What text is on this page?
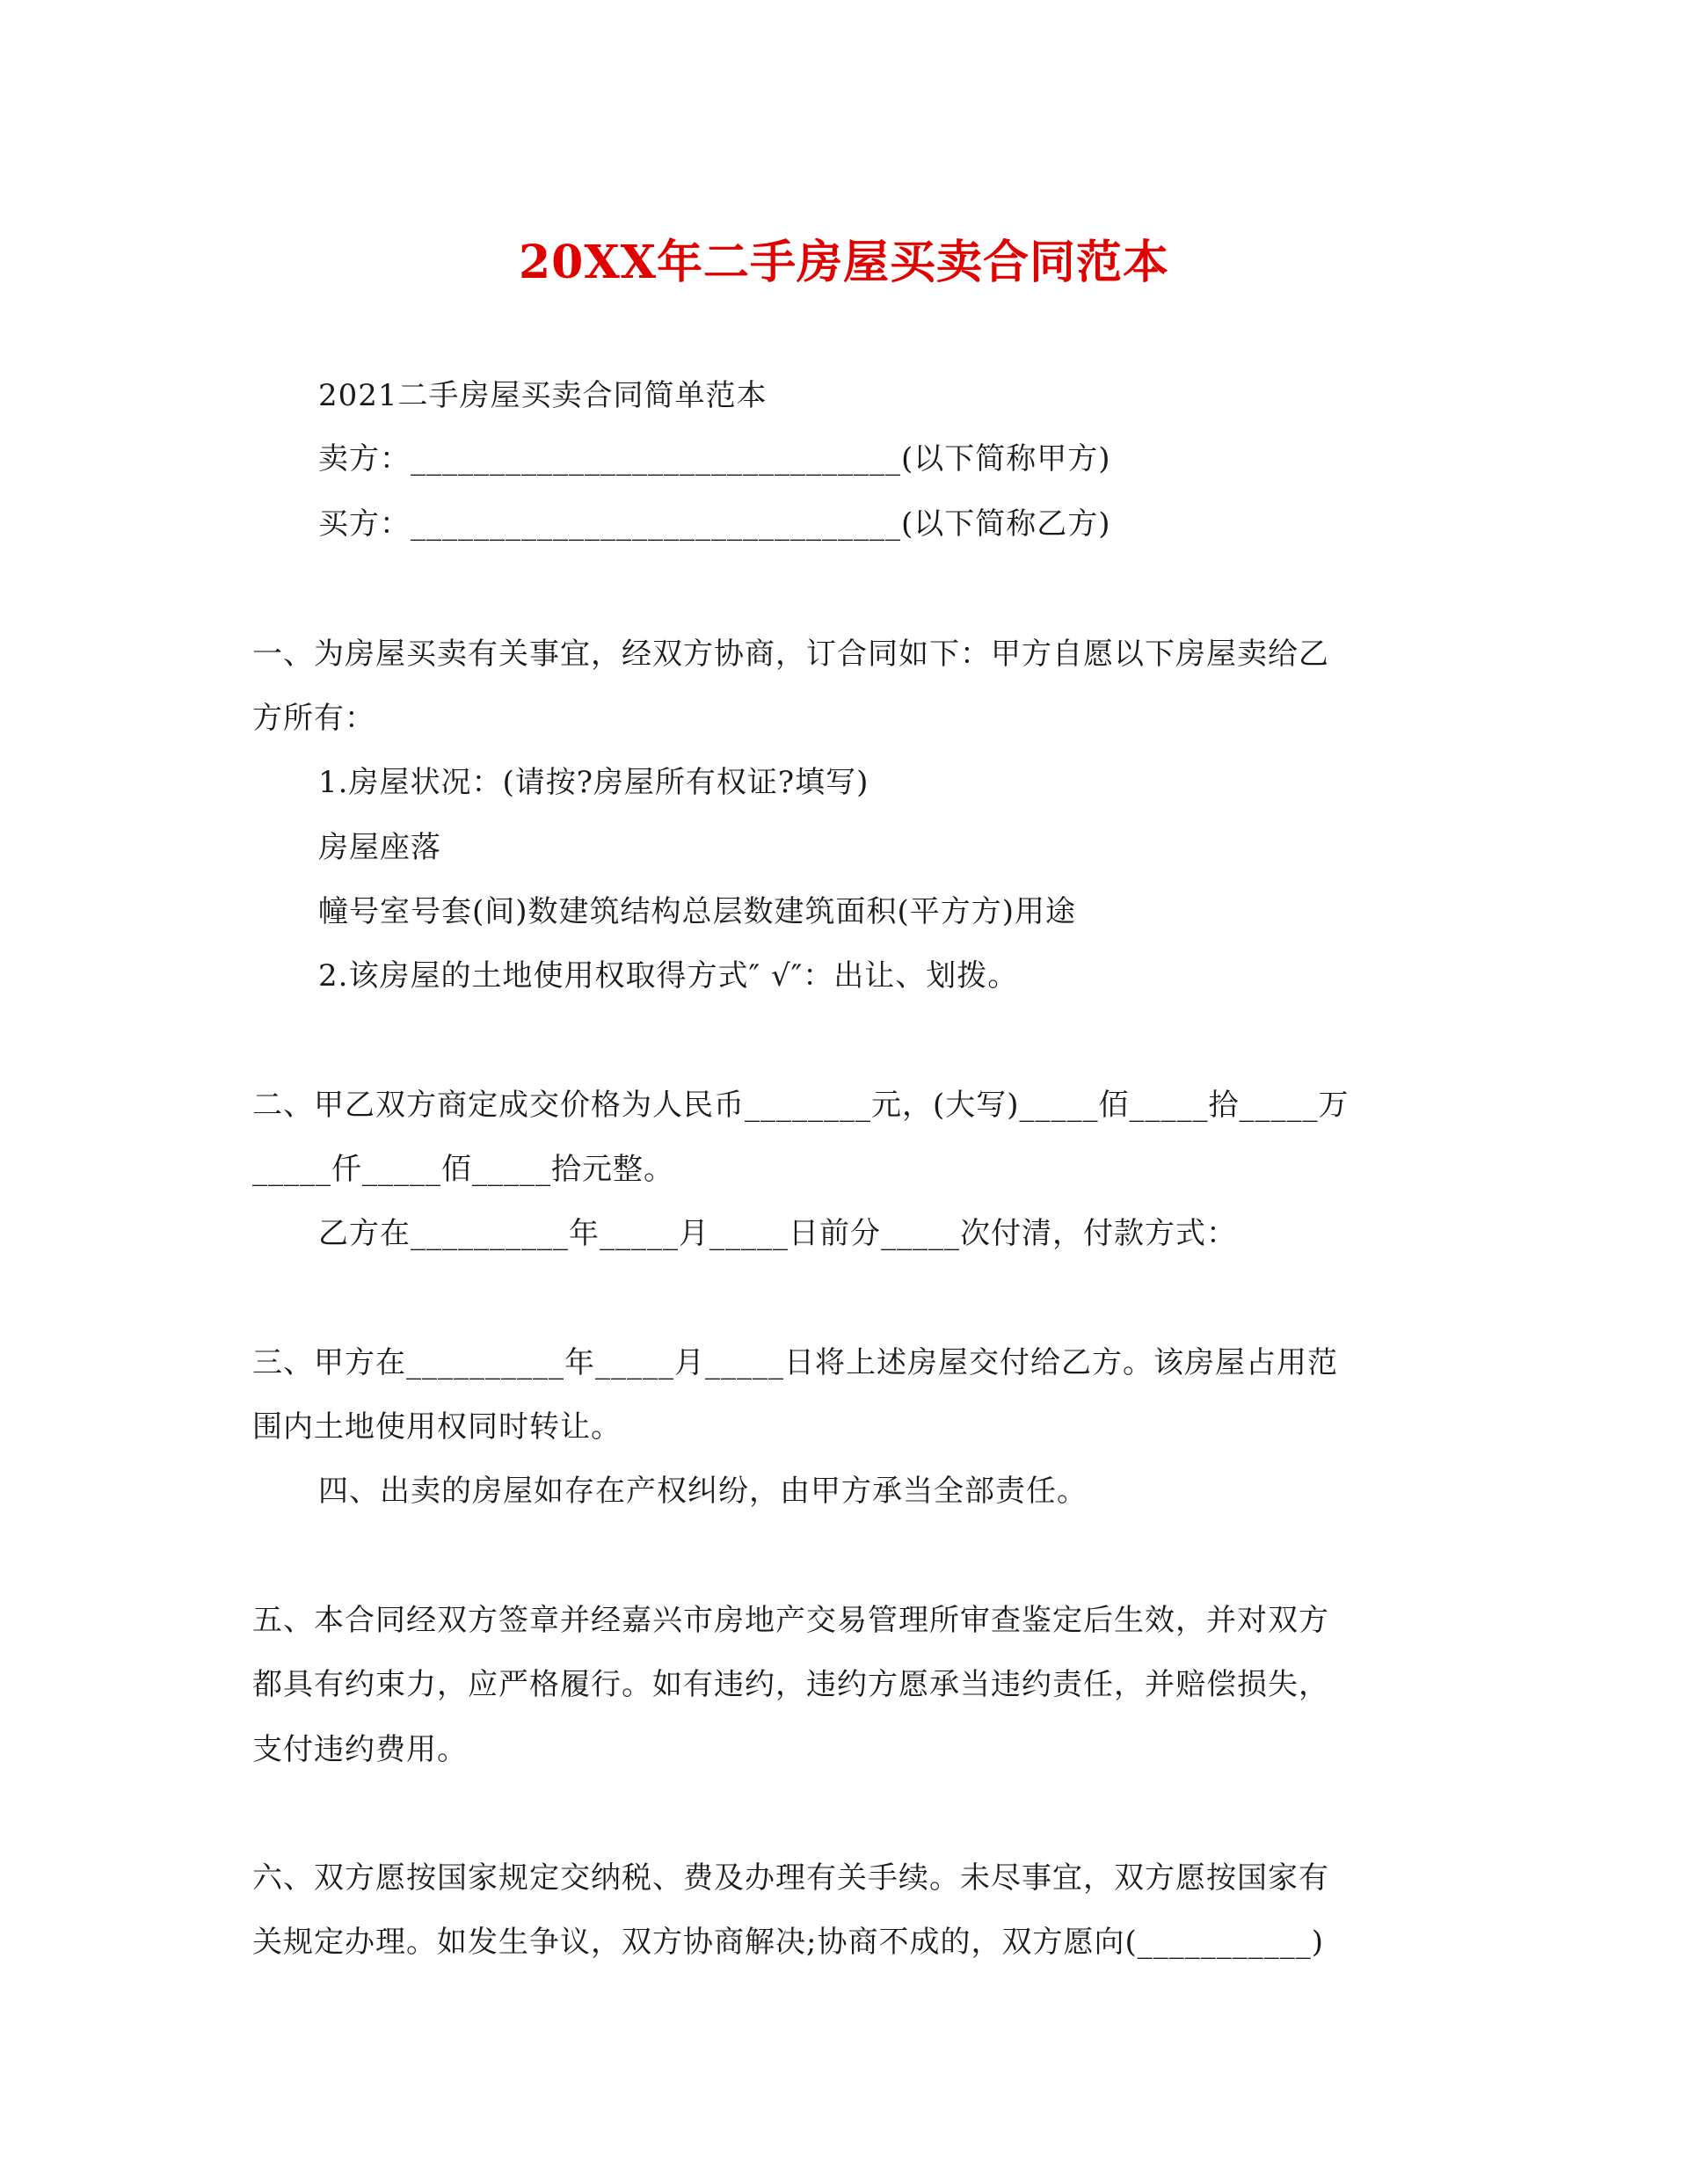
20XX年二手房屋买卖合同范本
2021二手房屋买卖合同简单范本
卖方：_______________________________(以下简称甲方)
买方：_______________________________(以下简称乙方)
一、为房屋买卖有关事宜，经双方协商，订合同如下：甲方自愿以下房屋卖给乙
方所有：
1.房屋状况：(请按?房屋所有权证?填写)
房屋座落
幢号室号套(间)数建筑结构总层数建筑面积(平方方)用途
2.该房屋的土地使用权取得方式″ √″：出让、划拨。
二、甲乙双方商定成交价格为人民币________元，(大写)_____佰_____拾_____万
_____仟_____佰_____拾元整。
乙方在__________年_____月_____日前分_____次付清，付款方式：
三、甲方在__________年_____月_____日将上述房屋交付给乙方。该房屋占用范
围内土地使用权同时转让。
四、出卖的房屋如存在产权纠纷，由甲方承当全部责任。
五、本合同经双方签章并经嘉兴市房地产交易管理所审查鉴定后生效，并对双方
都具有约束力，应严格履行。如有违约，违约方愿承当违约责任，并赔偿损失，
支付违约费用。
六、双方愿按国家规定交纳税、费及办理有关手续。未尽事宜，双方愿按国家有
关规定办理。如发生争议，双方协商解决;协商不成的，双方愿向(___________)
